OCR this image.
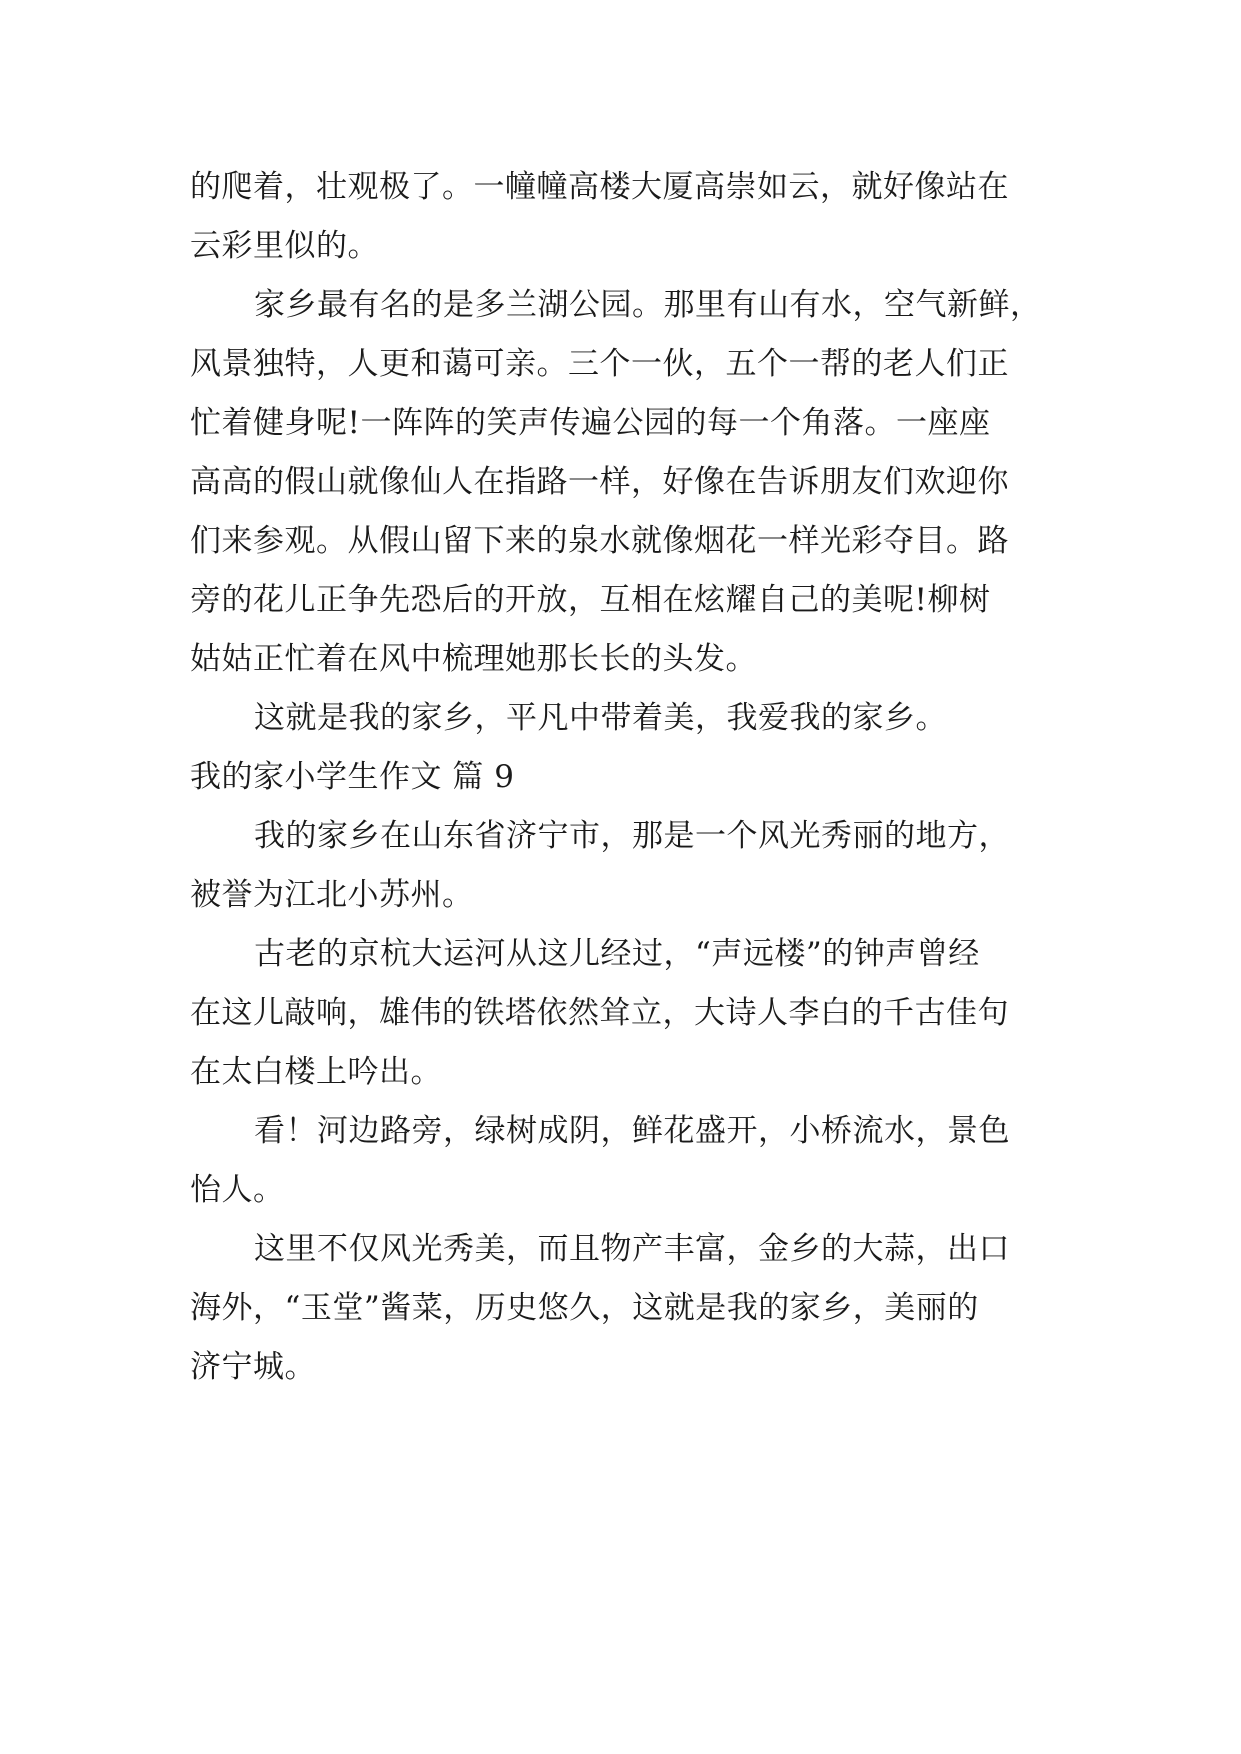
的爬着，壮观极了。一幢幢高楼大厦高崇如云，就好像站在
云彩里似的。
家乡最有名的是多兰湖公园。那里有山有水，空气新鲜，
风景独特，人更和蔼可亲。三个一伙，五个一帮的老人们正
忙着健身呢!一阵阵的笑声传遍公园的每一个角落。一座座
高高的假山就像仙人在指路一样，好像在告诉朋友们欢迎你
们来参观。从假山留下来的泉水就像烟花一样光彩夺目。路
旁的花儿正争先恐后的开放，互相在炫耀自己的美呢!柳树
姑姑正忙着在风中梳理她那长长的头发。
这就是我的家乡，平凡中带着美，我爱我的家乡。
我的家小学生作文 篇 9
我的家乡在山东省济宁市，那是一个风光秀丽的地方，
被誉为江北小苏州。
古老的京杭大运河从这儿经过，“声远楼”的钟声曾经
在这儿敲响，雄伟的铁塔依然耸立，大诗人李白的千古佳句
在太白楼上吟出。
看！河边路旁，绿树成阴，鲜花盛开，小桥流水，景色
怡人。
这里不仅风光秀美，而且物产丰富，金乡的大蒜，出口
海外，“玉堂”酱菜，历史悠久，这就是我的家乡，美丽的
济宁城。
